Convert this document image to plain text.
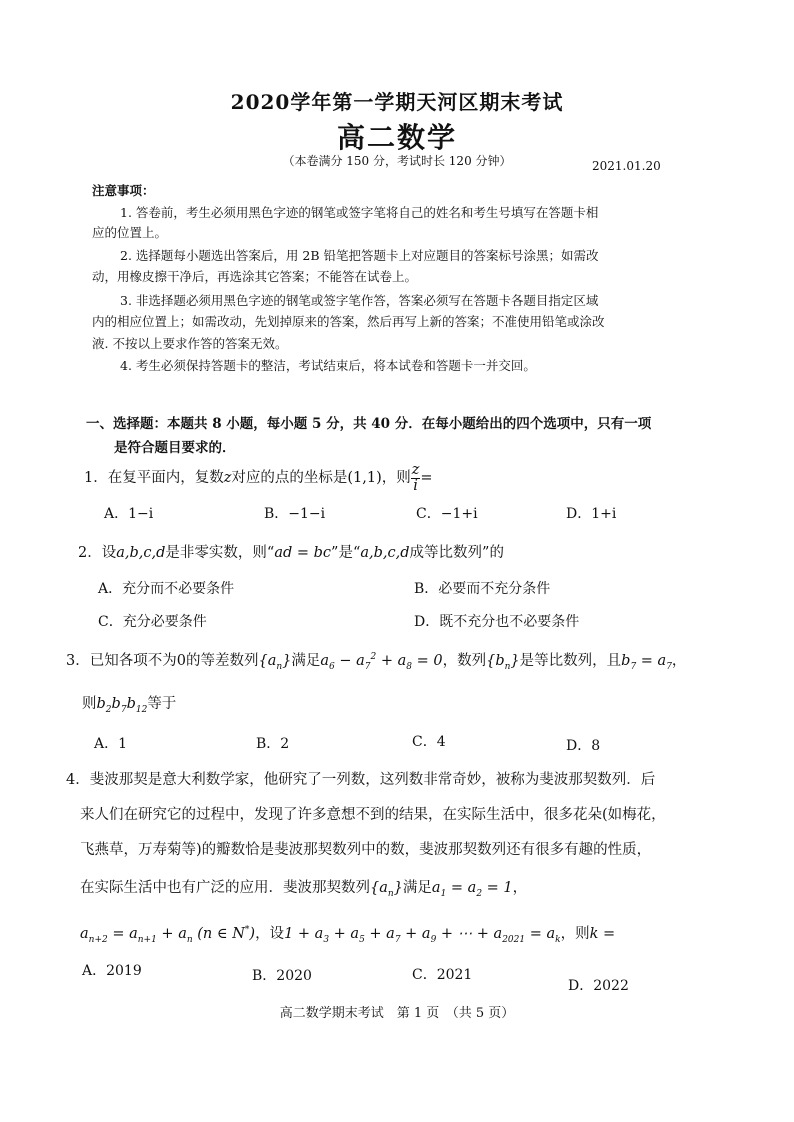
2020学年第一学期天河区期末考试
高二数学
（本卷满分 150 分，考试时长 120 分钟）	2021.01.20
注意事项：
1. 答卷前，考生必须用黑色字迹的钢笔或签字笔将自己的姓名和考生号填写在答题卡相
应的位置上。
2. 选择题每小题选出答案后，用 2B 铅笔把答题卡上对应题目的答案标号涂黑；如需改
动，用橡皮擦干净后，再选涂其它答案；不能答在试卷上。
3. 非选择题必须用黑色字迹的钢笔或签字笔作答，答案必须写在答题卡各题目指定区域
内的相应位置上；如需改动，先划掉原来的答案，然后再写上新的答案；不准使用铅笔或涂改
液. 不按以上要求作答的答案无效。
4. 考生必须保持答题卡的整洁，考试结束后，将本试卷和答题卡一并交回。
一、选择题：本题共 8 小题，每小题 5 分，共 40 分．在每小题给出的四个选项中，只有一项
是符合题目要求的．
1．在复平面内，复数z对应的点的坐标是(1,1)，则 $\frac{z}{i}$ =
A．1−i	B．−1−i	C．−1+i	D．1+i
2．设a,b,c,d是非零实数，则“ad = bc”是“a,b,c,d成等比数列”的
A．充分而不必要条件	B．必要而不充分条件
C．充分必要条件	D．既不充分也不必要条件
3．已知各项不为0的等差数列$\{a_n\}$满足$a_6 - a_7^2 + a_8 = 0$，数列$\{b_n\}$是等比数列，且$b_7 = a_7$，
则$b_2b_7b_{12}$等于
A．1	B．2	C．4	D．8
4．斐波那契是意大利数学家，他研究了一列数，这列数非常奇妙，被称为斐波那契数列．后
来人们在研究它的过程中，发现了许多意想不到的结果，在实际生活中，很多花朵(如梅花，
飞燕草，万寿菊等)的瓣数恰是斐波那契数列中的数，斐波那契数列还有很多有趣的性质，
在实际生活中也有广泛的应用．斐波那契数列$\{a_n\}$满足$a_1 = a_2 = 1$，
$a_{n+2} = a_{n+1} + a_n$ (n ∈ N*)，设$1 + a_3 + a_5 + a_7 + a_9$ + ⋯ + $a_{2021} = a_k$，则k =
A．2019	B．2020	C．2021
D．2022
高二数学期末考试　第 1 页　（共 5 页）
